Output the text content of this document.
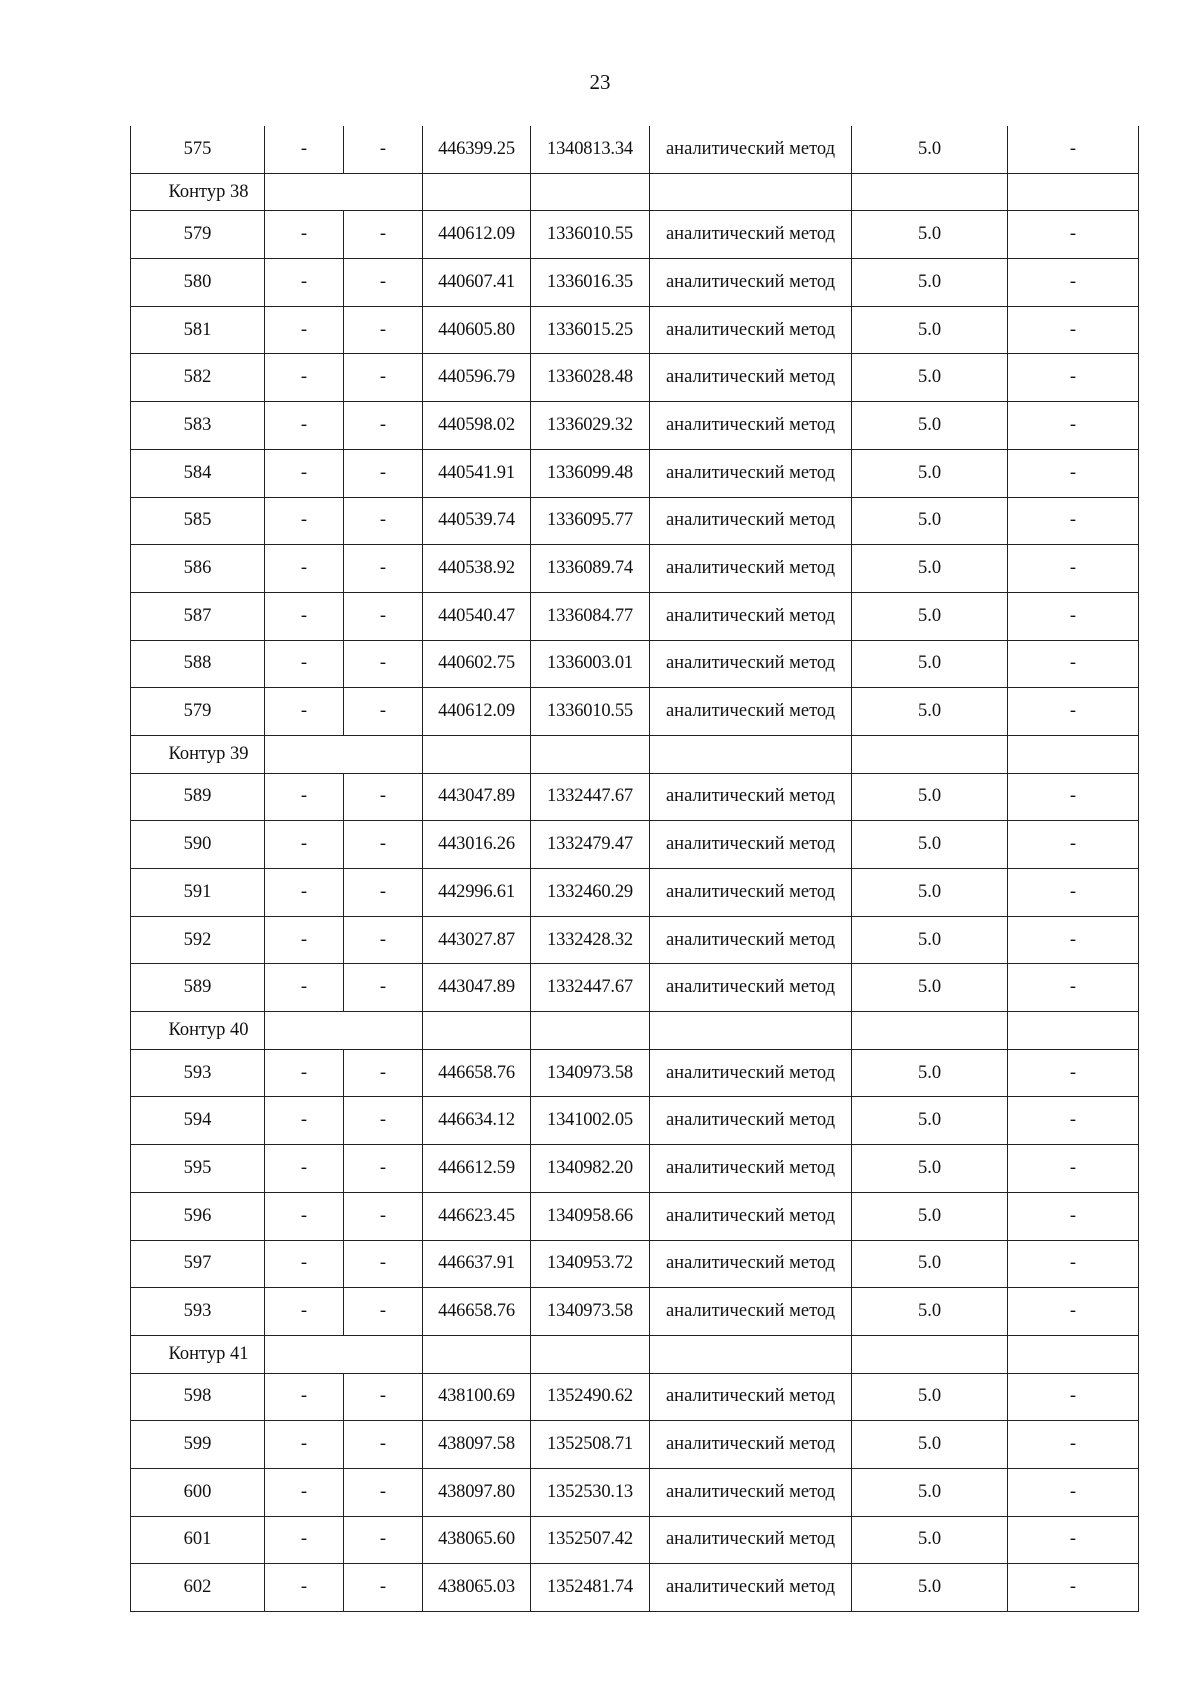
23
575	-	-	446399.25	1340813.34	аналитический метод	5.0	-
Контур 38							
579	-	-	440612.09	1336010.55	аналитический метод	5.0	-
580	-	-	440607.41	1336016.35	аналитический метод	5.0	-
581	-	-	440605.80	1336015.25	аналитический метод	5.0	-
582	-	-	440596.79	1336028.48	аналитический метод	5.0	-
583	-	-	440598.02	1336029.32	аналитический метод	5.0	-
584	-	-	440541.91	1336099.48	аналитический метод	5.0	-
585	-	-	440539.74	1336095.77	аналитический метод	5.0	-
586	-	-	440538.92	1336089.74	аналитический метод	5.0	-
587	-	-	440540.47	1336084.77	аналитический метод	5.0	-
588	-	-	440602.75	1336003.01	аналитический метод	5.0	-
579	-	-	440612.09	1336010.55	аналитический метод	5.0	-
Контур 39							
589	-	-	443047.89	1332447.67	аналитический метод	5.0	-
590	-	-	443016.26	1332479.47	аналитический метод	5.0	-
591	-	-	442996.61	1332460.29	аналитический метод	5.0	-
592	-	-	443027.87	1332428.32	аналитический метод	5.0	-
589	-	-	443047.89	1332447.67	аналитический метод	5.0	-
Контур 40							
593	-	-	446658.76	1340973.58	аналитический метод	5.0	-
594	-	-	446634.12	1341002.05	аналитический метод	5.0	-
595	-	-	446612.59	1340982.20	аналитический метод	5.0	-
596	-	-	446623.45	1340958.66	аналитический метод	5.0	-
597	-	-	446637.91	1340953.72	аналитический метод	5.0	-
593	-	-	446658.76	1340973.58	аналитический метод	5.0	-
Контур 41							
598	-	-	438100.69	1352490.62	аналитический метод	5.0	-
599	-	-	438097.58	1352508.71	аналитический метод	5.0	-
600	-	-	438097.80	1352530.13	аналитический метод	5.0	-
601	-	-	438065.60	1352507.42	аналитический метод	5.0	-
602	-	-	438065.03	1352481.74	аналитический метод	5.0	-
